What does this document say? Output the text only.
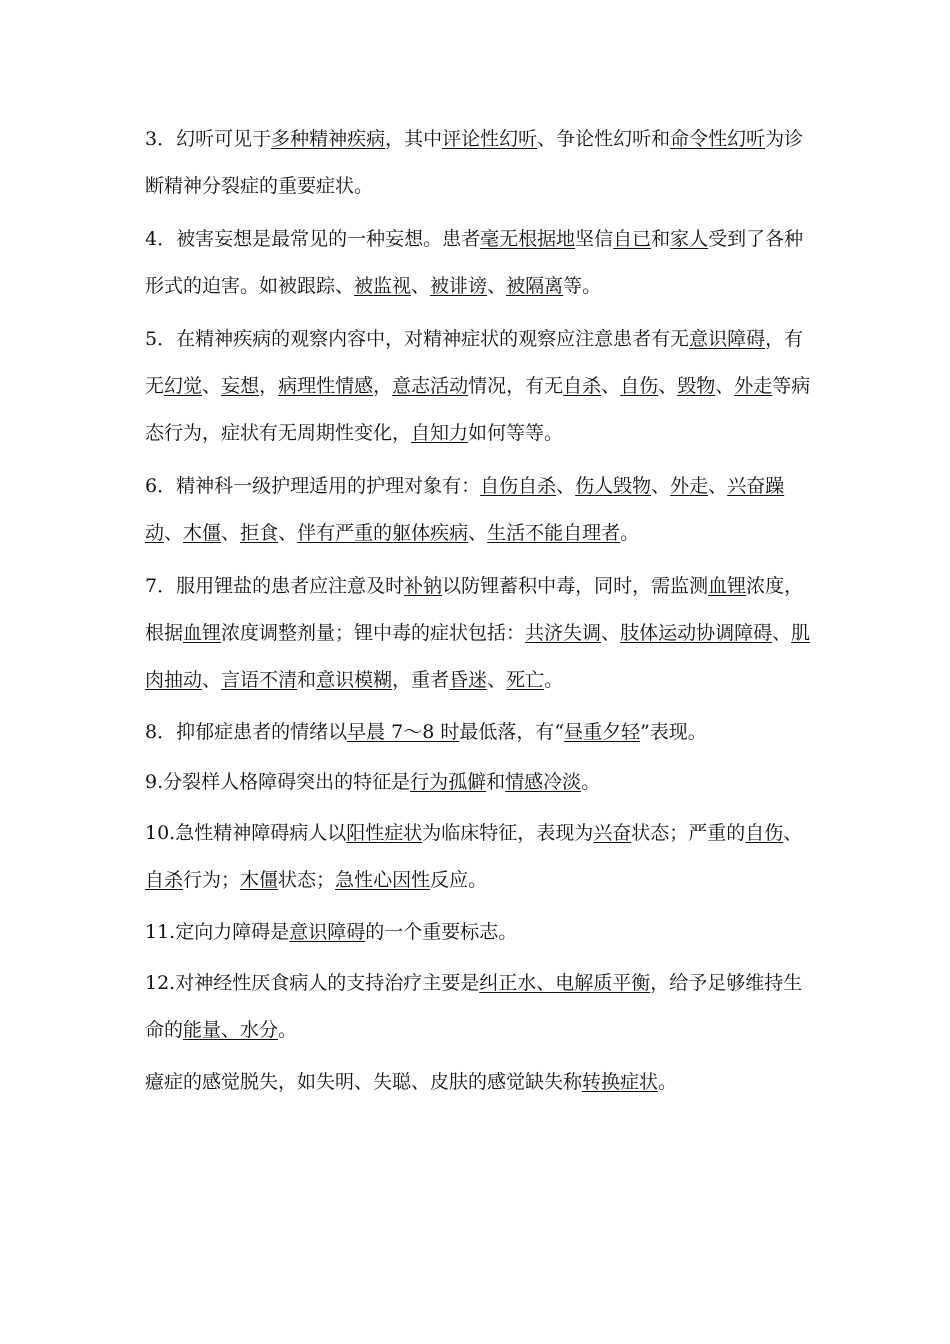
3．幻听可见于多种精神疾病，其中评论性幻听、争论性幻听和命令性幻听为诊断精神分裂症的重要症状。

4．被害妄想是最常见的一种妄想。患者毫无根据地坚信自已和家人受到了各种形式的迫害。如被跟踪、被监视、被诽谤、被隔离等。

5．在精神疾病的观察内容中，对精神症状的观察应注意患者有无意识障碍，有无幻觉、妄想，病理性情感，意志活动情况，有无自杀、自伤、毁物、外走等病态行为，症状有无周期性变化，自知力如何等等。

6．精神科一级护理适用的护理对象有：自伤自杀、伤人毁物、外走、兴奋躁动、木僵、拒食、伴有严重的躯体疾病、生活不能自理者。

7．服用锂盐的患者应注意及时补钠以防锂蓄积中毒，同时，需监测血锂浓度，根据血锂浓度调整剂量；锂中毒的症状包括：共济失调、肢体运动协调障碍、肌肉抽动、言语不清和意识模糊，重者昏迷、死亡。

8．抑郁症患者的情绪以早晨 7～8 时最低落，有“昼重夕轻”表现。

9.分裂样人格障碍突出的特征是行为孤僻和情感冷淡。

10.急性精神障碍病人以阳性症状为临床特征，表现为兴奋状态；严重的自伤、自杀行为；木僵状态；急性心因性反应。

11.定向力障碍是意识障碍的一个重要标志。

12.对神经性厌食病人的支持治疗主要是纠正水、电解质平衡，给予足够维持生命的能量、水分。

癔症的感觉脱失，如失明、失聪、皮肤的感觉缺失称转换症状。
